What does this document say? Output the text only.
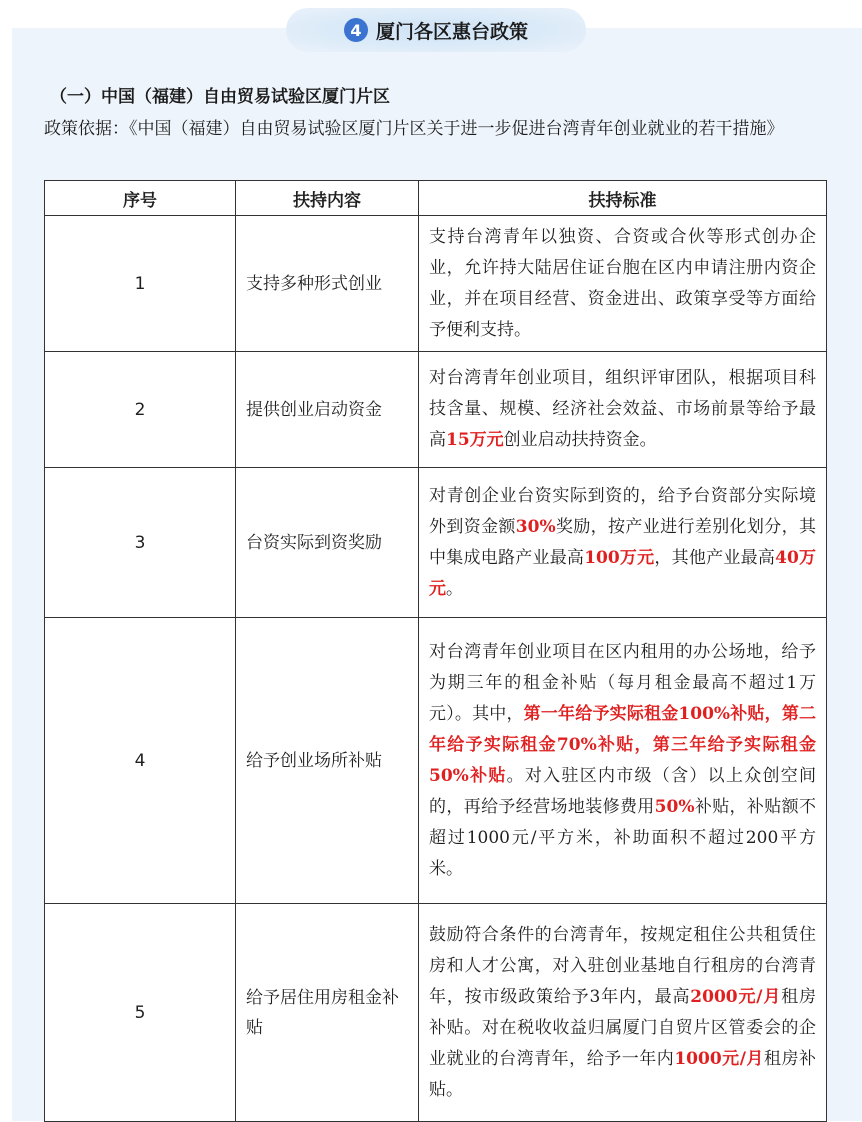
4 厦门各区惠台政策
（一）中国（福建）自由贸易试验区厦门片区
政策依据：《中国（福建）自由贸易试验区厦门片区关于进一步促进台湾青年创业就业的若干措施》
序号	扶持内容	扶持标准
1	支持多种形式创业	支持台湾青年以独资、合资或合伙等形式创办企业，允许持大陆居住证台胞在区内申请注册内资企业，并在项目经营、资金进出、政策享受等方面给予便利支持。
2	提供创业启动资金	对台湾青年创业项目，组织评审团队，根据项目科技含量、规模、经济社会效益、市场前景等给予最高15万元创业启动扶持资金。
3	台资实际到资奖励	对青创企业台资实际到资的，给予台资部分实际境外到资金额30%奖励，按产业进行差别化划分，其中集成电路产业最高100万元，其他产业最高40万元。
4	给予创业场所补贴	对台湾青年创业项目在区内租用的办公场地，给予为期三年的租金补贴（每月租金最高不超过1万元）。其中，第一年给予实际租金100%补贴，第二年给予实际租金70%补贴，第三年给予实际租金50%补贴。对入驻区内市级（含）以上众创空间的，再给予经营场地装修费用50%补贴，补贴额不超过1000元/平方米，补助面积不超过200平方米。
5	给予居住用房租金补贴	鼓励符合条件的台湾青年，按规定租住公共租赁住房和人才公寓，对入驻创业基地自行租房的台湾青年，按市级政策给予3年内，最高2000元/月租房补贴。对在税收收益归属厦门自贸片区管委会的企业就业的台湾青年，给予一年内1000元/月租房补贴。
